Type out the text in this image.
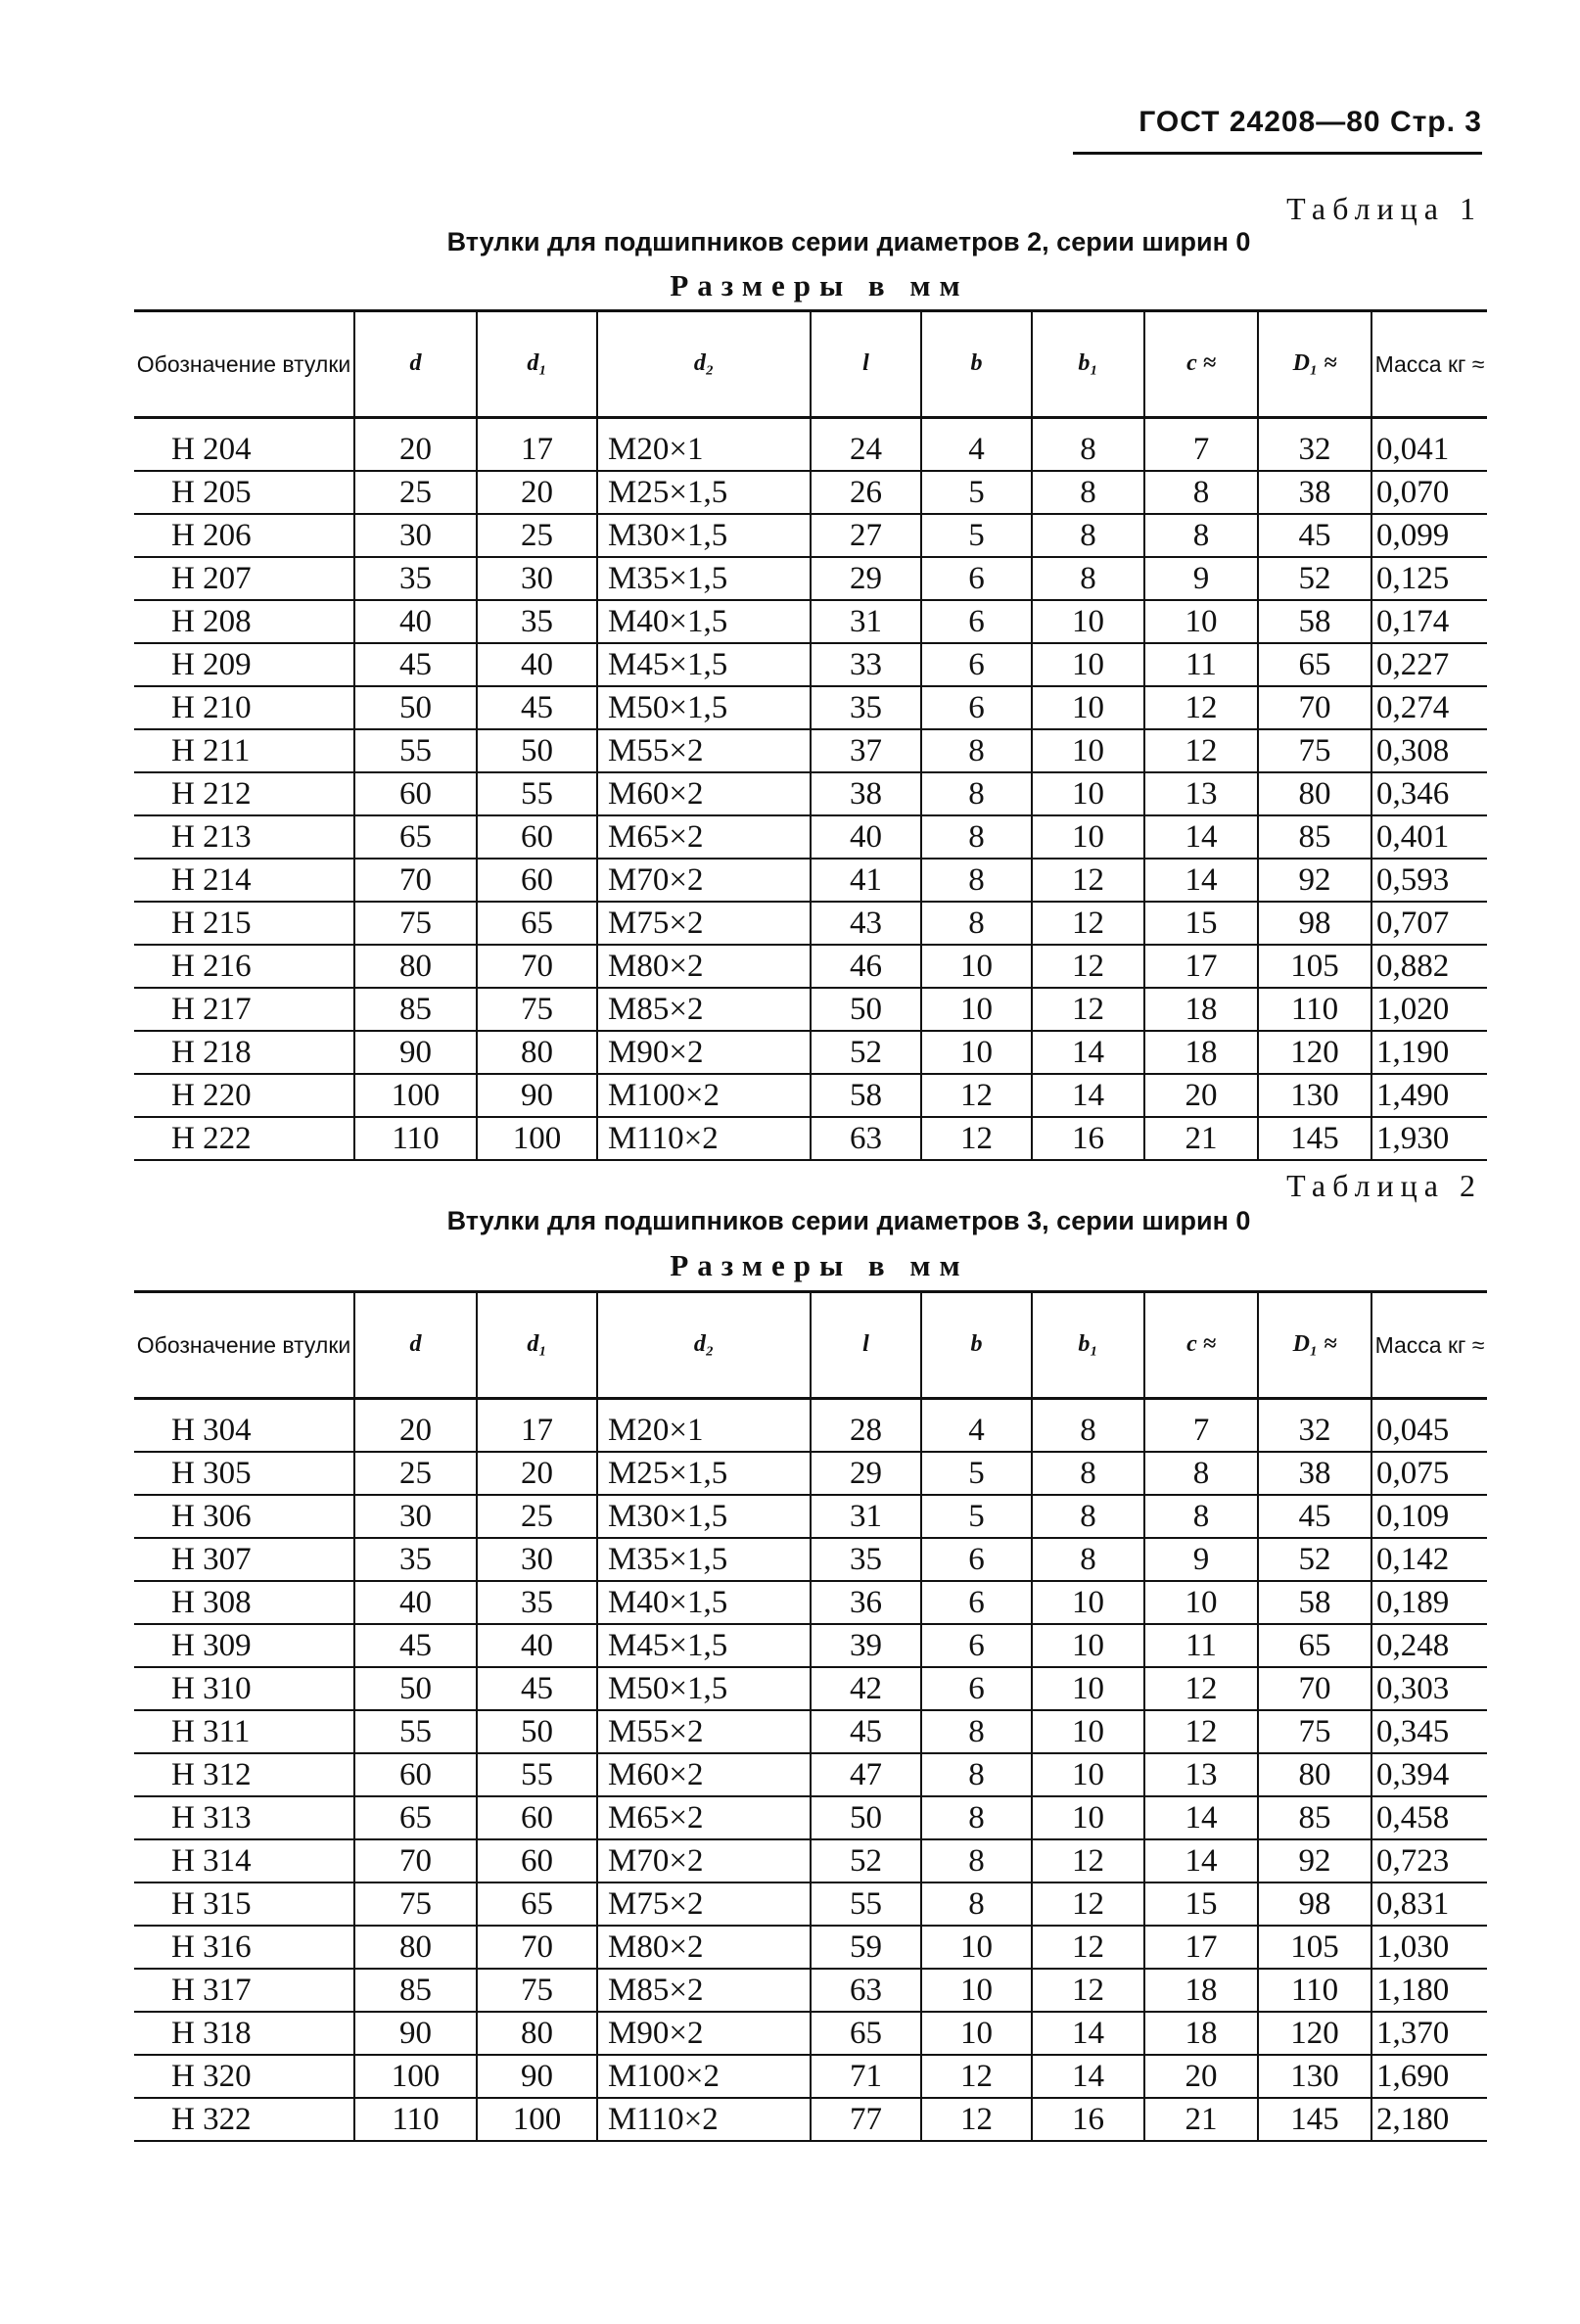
ГОСТ 24208—80 Стр. 3
Таблица 1
Втулки для подшипников серии диаметров 2, серии ширин 0
Размеры в мм
Обозначение втулки	d	d₁	d₂	l	b	b₁	c ≈	D₁ ≈	Масса кг ≈

Н 204	20	17	М20×1	24	4	8	7	32	0,041
Н 205	25	20	М25×1,5	26	5	8	8	38	0,070
Н 206	30	25	М30×1,5	27	5	8	8	45	0,099
Н 207	35	30	М35×1,5	29	6	8	9	52	0,125
Н 208	40	35	М40×1,5	31	6	10	10	58	0,174
Н 209	45	40	М45×1,5	33	6	10	11	65	0,227
Н 210	50	45	М50×1,5	35	6	10	12	70	0,274
Н 211	55	50	М55×2	37	8	10	12	75	0,308
Н 212	60	55	М60×2	38	8	10	13	80	0,346
Н 213	65	60	М65×2	40	8	10	14	85	0,401
Н 214	70	60	М70×2	41	8	12	14	92	0,593
Н 215	75	65	М75×2	43	8	12	15	98	0,707
Н 216	80	70	М80×2	46	10	12	17	105	0,882
Н 217	85	75	М85×2	50	10	12	18	110	1,020
Н 218	90	80	М90×2	52	10	14	18	120	1,190
Н 220	100	90	М100×2	58	12	14	20	130	1,490
Н 222	110	100	М110×2	63	12	16	21	145	1,930
Таблица 2
Втулки для подшипников серии диаметров 3, серии ширин 0
Размеры в мм
Обозначение втулки	d	d₁	d₂	l	b	b₁	c ≈	D₁ ≈	Масса кг ≈

Н 304	20	17	М20×1	28	4	8	7	32	0,045
Н 305	25	20	М25×1,5	29	5	8	8	38	0,075
Н 306	30	25	М30×1,5	31	5	8	8	45	0,109
Н 307	35	30	М35×1,5	35	6	8	9	52	0,142
Н 308	40	35	М40×1,5	36	6	10	10	58	0,189
Н 309	45	40	М45×1,5	39	6	10	11	65	0,248
Н 310	50	45	М50×1,5	42	6	10	12	70	0,303
Н 311	55	50	М55×2	45	8	10	12	75	0,345
Н 312	60	55	М60×2	47	8	10	13	80	0,394
Н 313	65	60	М65×2	50	8	10	14	85	0,458
Н 314	70	60	М70×2	52	8	12	14	92	0,723
Н 315	75	65	М75×2	55	8	12	15	98	0,831
Н 316	80	70	М80×2	59	10	12	17	105	1,030
Н 317	85	75	М85×2	63	10	12	18	110	1,180
Н 318	90	80	М90×2	65	10	14	18	120	1,370
Н 320	100	90	М100×2	71	12	14	20	130	1,690
Н 322	110	100	М110×2	77	12	16	21	145	2,180
